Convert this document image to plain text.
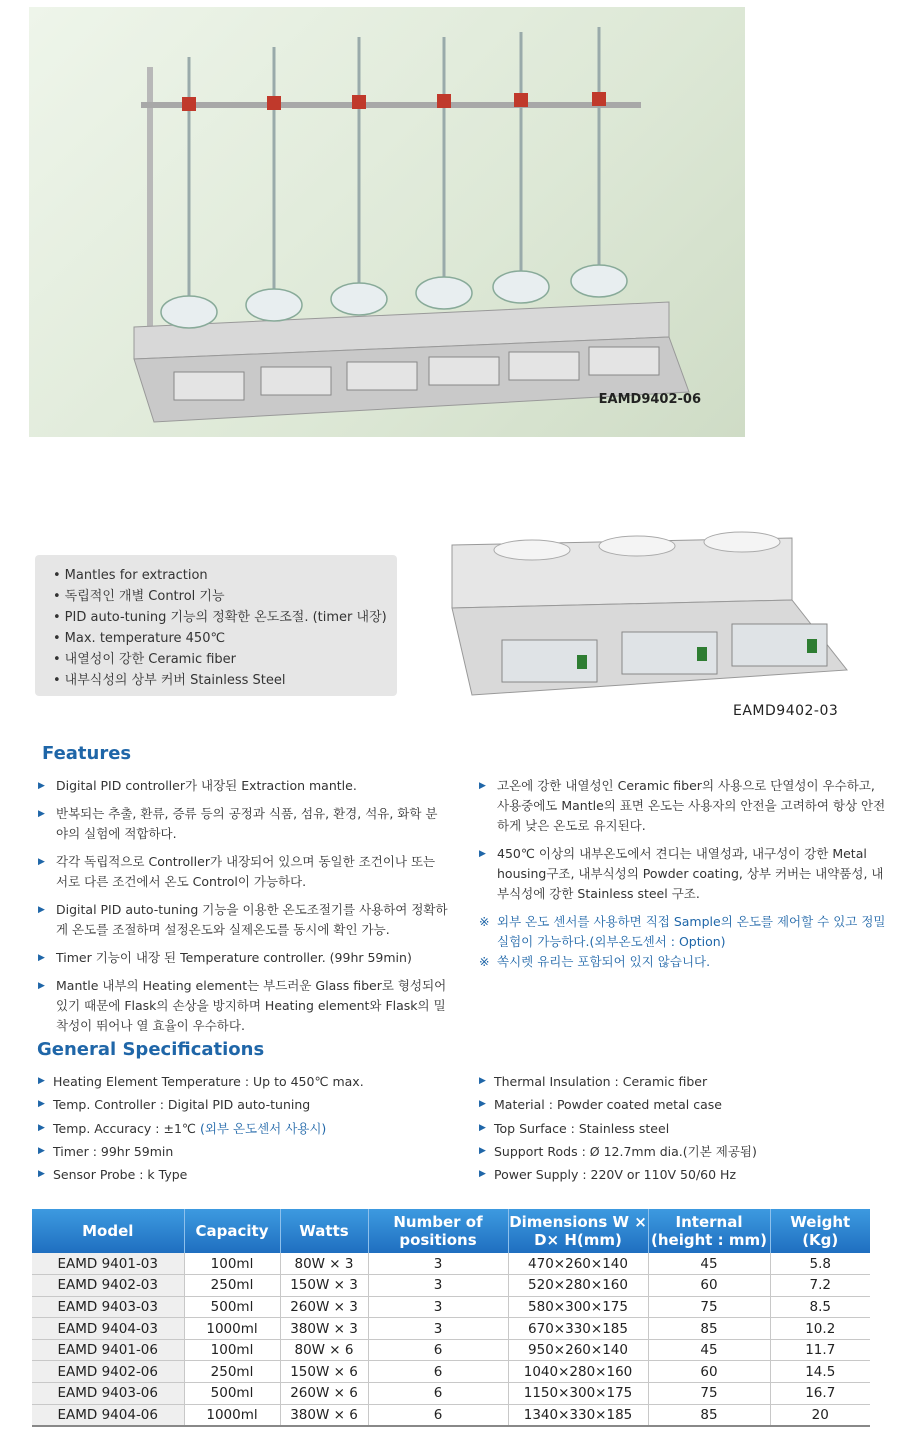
EAMD9402-06
• Mantles for extraction
• 독립적인 개별 Control 기능
• PID auto-tuning 기능의 정확한 온도조절. (timer 내장)
• Max. temperature 450℃
• 내열성이 강한 Ceramic fiber
• 내부식성의 상부 커버 Stainless Steel
EAMD9402-03
Features
▶ Digital PID controller가 내장된 Extraction mantle.
▶ 반복되는 추출, 환류, 증류 등의 공정과 식품, 섬유, 환경, 석유, 화학 분야의 실험에 적합하다.
▶ 각각 독립적으로 Controller가 내장되어 있으며 동일한 조건이나 또는 서로 다른 조건에서 온도 Control이 가능하다.
▶ Digital PID auto-tuning 기능을 이용한 온도조절기를 사용하여 정확하게 온도를 조절하며 설정온도와 실제온도를 동시에 확인 가능.
▶ Timer 기능이 내장 된 Temperature controller. (99hr 59min)
▶ Mantle 내부의 Heating element는 부드러운 Glass fiber로 형성되어 있기 때문에 Flask의 손상을 방지하며 Heating element와 Flask의 밀착성이 뛰어나 열 효율이 우수하다.
▶ 고온에 강한 내열성인 Ceramic fiber의 사용으로 단열성이 우수하고, 사용중에도 Mantle의 표면 온도는 사용자의 안전을 고려하여 항상 안전하게 낮은 온도로 유지된다.
▶ 450℃ 이상의 내부온도에서 견디는 내열성과, 내구성이 강한 Metal housing구조, 내부식성의 Powder coating, 상부 커버는 내약품성, 내부식성에 강한 Stainless steel 구조.
※ 외부 온도 센서를 사용하면 직접 Sample의 온도를 제어할 수 있고 정밀 실험이 가능하다.(외부온도센서 : Option)
※ 쏙시렛 유리는 포함되어 있지 않습니다.
General Specifications
▶ Heating Element Temperature : Up to 450℃ max.
▶ Temp. Controller : Digital PID auto-tuning
▶ Temp. Accuracy : ±1℃ (외부 온도센서 사용시)
▶ Timer : 99hr 59min
▶ Sensor Probe : k Type
▶ Thermal Insulation : Ceramic fiber
▶ Material : Powder coated metal case
▶ Top Surface : Stainless steel
▶ Support Rods : Ø 12.7mm dia.(기본 제공됨)
▶ Power Supply : 220V or 110V 50/60 Hz
Model	Capacity	Watts	Number of positions	Dimensions W × D× H(mm)	Internal (height : mm)	Weight (Kg)
EAMD 9401-03	100ml	80W × 3	3	470×260×140	45	5.8
EAMD 9402-03	250ml	150W × 3	3	520×280×160	60	7.2
EAMD 9403-03	500ml	260W × 3	3	580×300×175	75	8.5
EAMD 9404-03	1000ml	380W × 3	3	670×330×185	85	10.2
EAMD 9401-06	100ml	80W × 6	6	950×260×140	45	11.7
EAMD 9402-06	250ml	150W × 6	6	1040×280×160	60	14.5
EAMD 9403-06	500ml	260W × 6	6	1150×300×175	75	16.7
EAMD 9404-06	1000ml	380W × 6	6	1340×330×185	85	20
